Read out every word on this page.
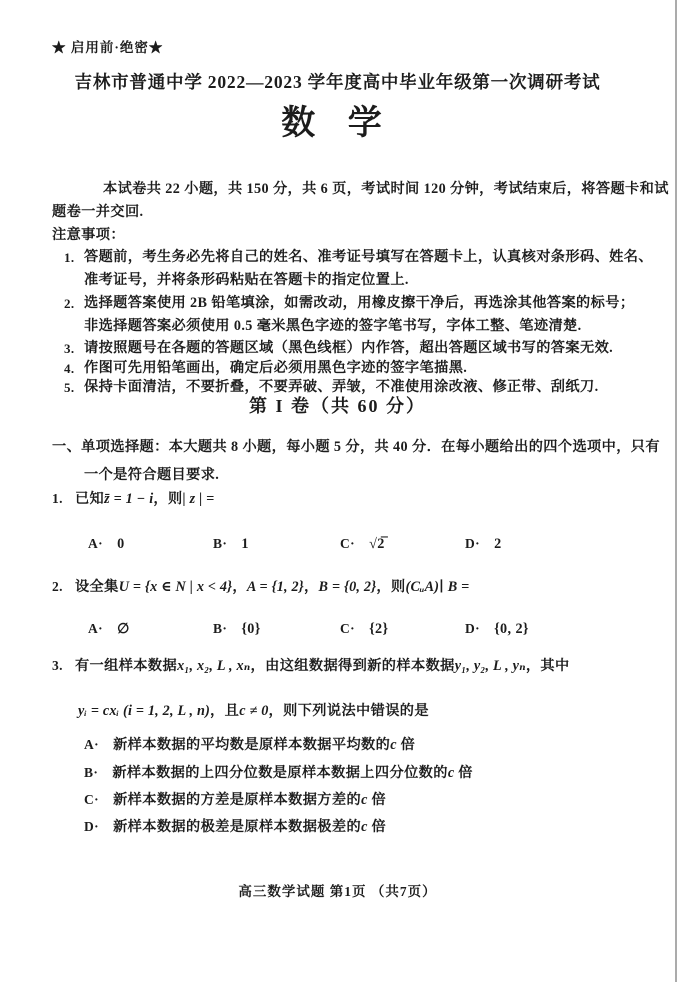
★ 启用前·绝密★
吉林市普通中学 2022—2023 学年度高中毕业年级第一次调研考试
数 学
本试卷共 22 小题，共 150 分，共 6 页，考试时间 120 分钟，考试结束后，将答题卡和试
题卷一并交回.
注意事项：
1. 答题前，考生务必先将自己的姓名、准考证号填写在答题卡上，认真核对条形码、姓名、
准考证号，并将条形码粘贴在答题卡的指定位置上.
2. 选择题答案使用 2B 铅笔填涂，如需改动，用橡皮擦干净后，再选涂其他答案的标号；
非选择题答案必须使用 0.5 毫米黑色字迹的签字笔书写，字体工整、笔迹清楚.
3. 请按照题号在各题的答题区域（黑色线框）内作答，超出答题区域书写的答案无效.
4. 作图可先用铅笔画出，确定后必须用黑色字迹的签字笔描黑.
5. 保持卡面清洁，不要折叠，不要弄破、弄皱，不准使用涂改液、修正带、刮纸刀.
第 I 卷（共 60 分）
一、单项选择题：本大题共 8 小题，每小题 5 分，共 40 分．在每小题给出的四个选项中，只有
一个是符合题目要求.
1. 已知z̄ = 1 − i，则| z | =
A· 0	B· 1	C· √2̅	D· 2
2. 设全集U = {x ∈ N | x < 4}，A = {1, 2}，B = {0, 2}，则(CᵤA)∣ B =
A· ∅	B· {0}	C· {2}	D· {0, 2}
3. 有一组样本数据x₁, x₂, L , xₙ，由这组数据得到新的样本数据y₁, y₂, L , yₙ，其中
yᵢ = cxᵢ (i = 1, 2, L , n)，且c ≠ 0，则下列说法中错误的是
A· 新样本数据的平均数是原样本数据平均数的c 倍
B· 新样本数据的上四分位数是原样本数据上四分位数的c 倍
C· 新样本数据的方差是原样本数据方差的c 倍
D· 新样本数据的极差是原样本数据极差的c 倍
高三数学试题 第1页 （共7页）
